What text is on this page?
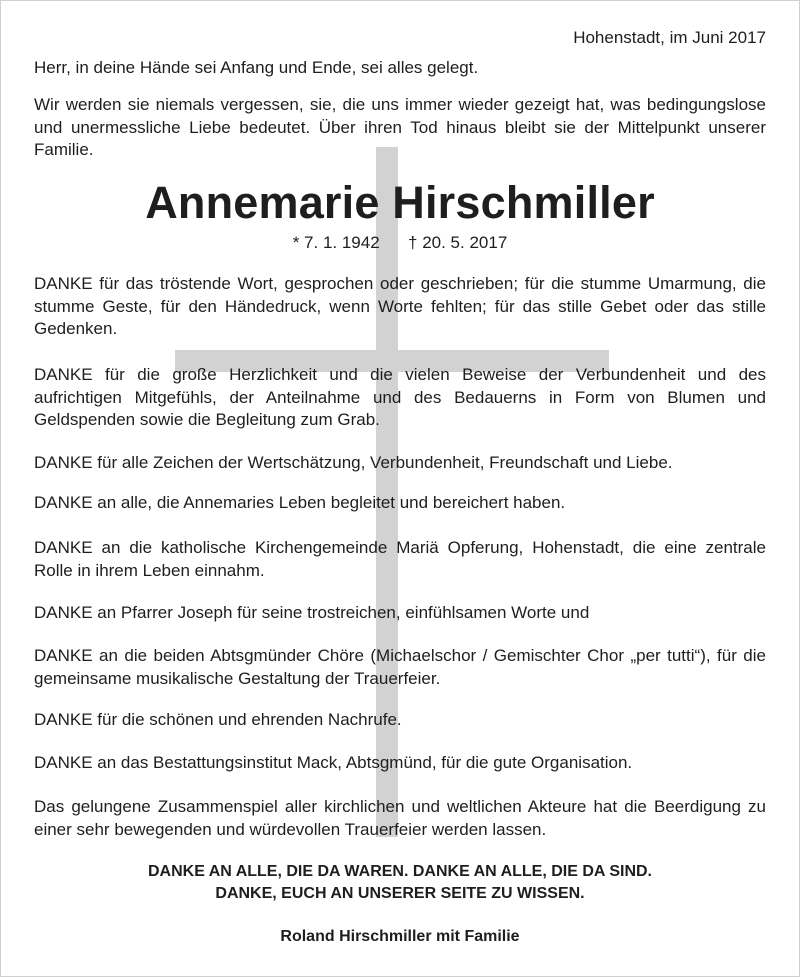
Hohenstadt, im Juni 2017
Herr, in deine Hände sei Anfang und Ende, sei alles gelegt.
Wir werden sie niemals vergessen, sie, die uns immer wieder gezeigt hat, was bedingungslose und unermessliche Liebe bedeutet. Über ihren Tod hinaus bleibt sie der Mittelpunkt unserer Familie.
Annemarie Hirschmiller
* 7. 1. 1942 † 20. 5. 2017
DANKE für das tröstende Wort, gesprochen oder geschrieben; für die stumme Umarmung, die stumme Geste, für den Händedruck, wenn Worte fehlten; für das stille Gebet oder das stille Gedenken.
DANKE für die große Herzlichkeit und die vielen Beweise der Verbundenheit und des aufrichtigen Mitgefühls, der Anteilnahme und des Bedauerns in Form von Blumen und Geldspenden sowie die Begleitung zum Grab.
DANKE für alle Zeichen der Wertschätzung, Verbundenheit, Freundschaft und Liebe.
DANKE an alle, die Annemaries Leben begleitet und bereichert haben.
DANKE an die katholische Kirchengemeinde Mariä Opferung, Hohenstadt, die eine zentrale Rolle in ihrem Leben einnahm.
DANKE an Pfarrer Joseph für seine trostreichen, einfühlsamen Worte und
DANKE an die beiden Abtsgmünder Chöre (Michaelschor / Gemischter Chor „per tutti“), für die gemeinsame musikalische Gestaltung der Trauerfeier.
DANKE für die schönen und ehrenden Nachrufe.
DANKE an das Bestattungsinstitut Mack, Abtsgmünd, für die gute Organisation.
Das gelungene Zusammenspiel aller kirchlichen und weltlichen Akteure hat die Beerdigung zu einer sehr bewegenden und würdevollen Trauerfeier werden lassen.
DANKE AN ALLE, DIE DA WAREN. DANKE AN ALLE, DIE DA SIND.
DANKE, EUCH AN UNSERER SEITE ZU WISSEN.
Roland Hirschmiller mit Familie
